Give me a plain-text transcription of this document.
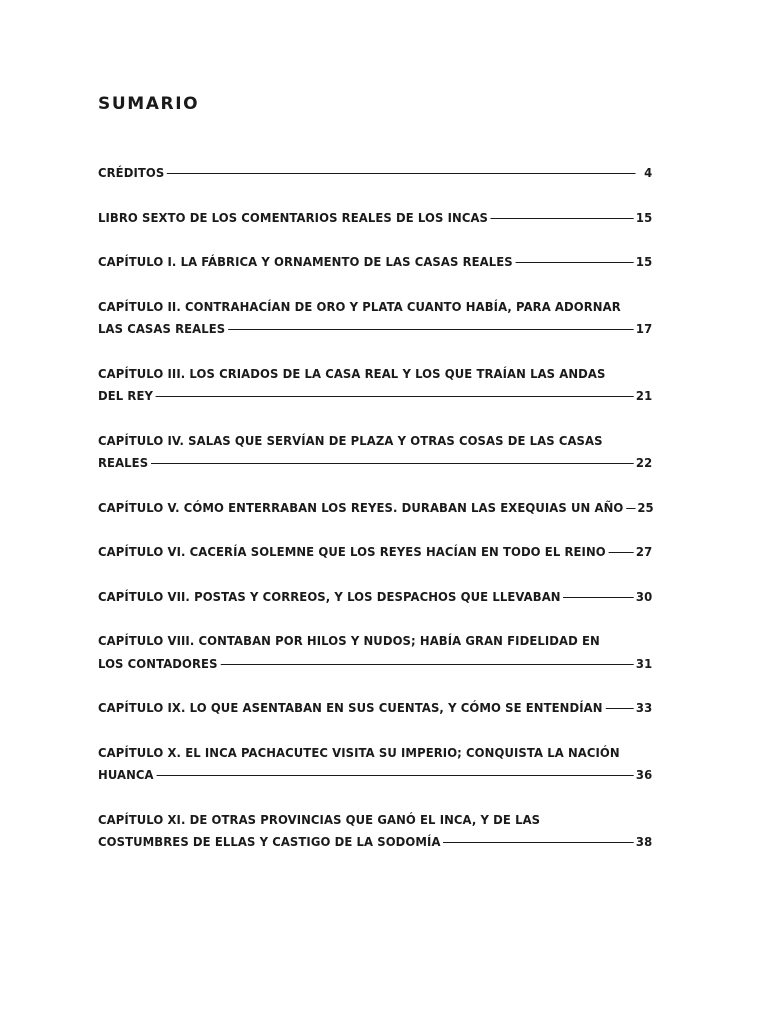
SUMARIO
CRÉDITOS	4
LIBRO SEXTO DE LOS COMENTARIOS REALES DE LOS INCAS	15
CAPÍTULO I. LA FÁBRICA Y ORNAMENTO DE LAS CASAS REALES	15
CAPÍTULO II. CONTRAHACÍAN DE ORO Y PLATA CUANTO HABÍA, PARA ADORNAR
LAS CASAS REALES	17
CAPÍTULO III. LOS CRIADOS DE LA CASA REAL Y LOS QUE TRAÍAN LAS ANDAS
DEL REY	21
CAPÍTULO IV. SALAS QUE SERVÍAN DE PLAZA Y OTRAS COSAS DE LAS CASAS
REALES	22
CAPÍTULO V. CÓMO ENTERRABAN LOS REYES. DURABAN LAS EXEQUIAS UN AÑO 25
CAPÍTULO VI. CACERÍA SOLEMNE QUE LOS REYES HACÍAN EN TODO EL REINO 27
CAPÍTULO VII. POSTAS Y CORREOS, Y LOS DESPACHOS QUE LLEVABAN	30
CAPÍTULO VIII. CONTABAN POR HILOS Y NUDOS; HABÍA GRAN FIDELIDAD EN
LOS CONTADORES	31
CAPÍTULO IX. LO QUE ASENTABAN EN SUS CUENTAS, Y CÓMO SE ENTENDÍAN	33
CAPÍTULO X. EL INCA PACHACUTEC VISITA SU IMPERIO; CONQUISTA LA NACIÓN
HUANCA	36
CAPÍTULO XI. DE OTRAS PROVINCIAS QUE GANÓ EL INCA, Y DE LAS
COSTUMBRES DE ELLAS Y CASTIGO DE LA SODOMÍA	38
